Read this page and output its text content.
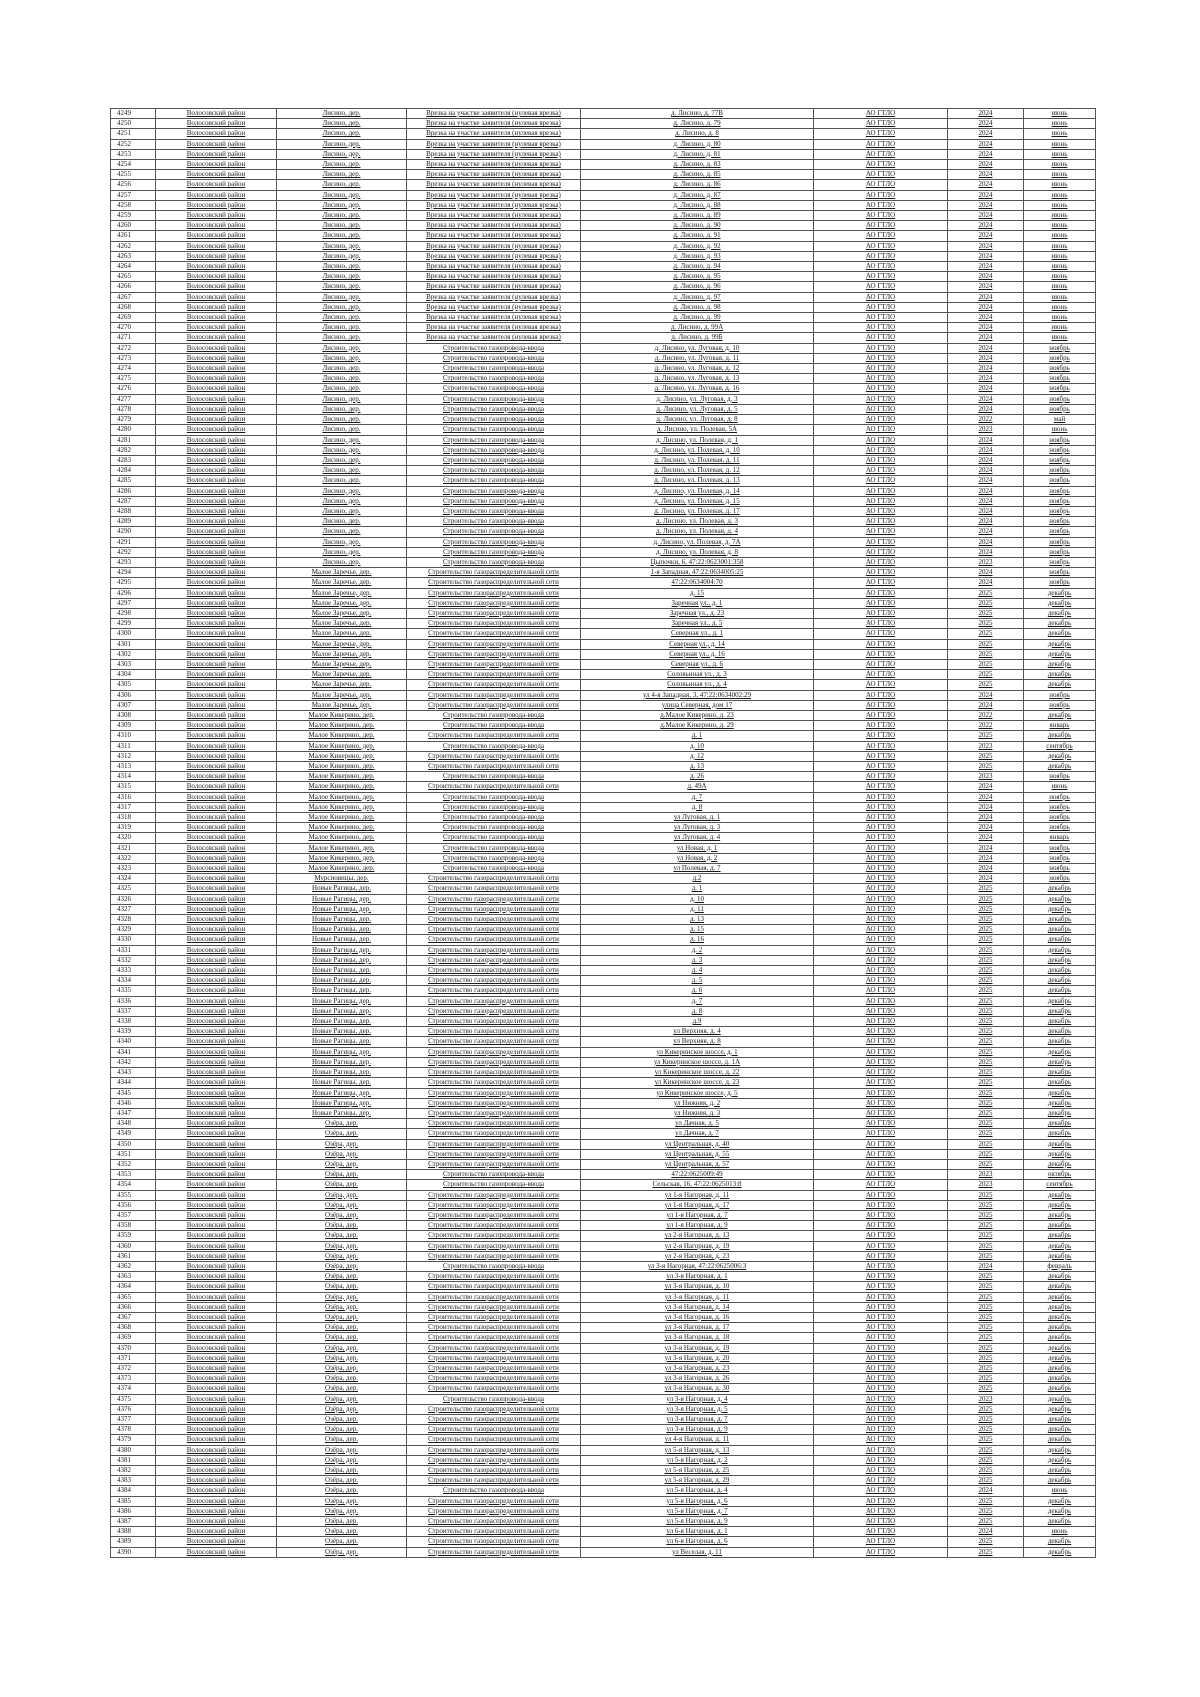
4249	Волосовский район	Лисино, дер.	Врезка на участке заявителя (нулевая врезка)	д. Лисино, д. 77В	АО ГТЛО	2024	июнь
4250	Волосовский район	Лисино, дер.	Врезка на участке заявителя (нулевая врезка)	д. Лисино, д. 79	АО ГТЛО	2024	июнь
4251	Волосовский район	Лисино, дер.	Врезка на участке заявителя (нулевая врезка)	д. Лисино, д. 8	АО ГТЛО	2024	июнь
4252	Волосовский район	Лисино, дер.	Врезка на участке заявителя (нулевая врезка)	д. Лисино, д. 80	АО ГТЛО	2024	июнь
4253	Волосовский район	Лисино, дер.	Врезка на участке заявителя (нулевая врезка)	д. Лисино, д. 81	АО ГТЛО	2024	июнь
4254	Волосовский район	Лисино, дер.	Врезка на участке заявителя (нулевая врезка)	д. Лисино, д. 83	АО ГТЛО	2024	июнь
4255	Волосовский район	Лисино, дер.	Врезка на участке заявителя (нулевая врезка)	д. Лисино, д. 85	АО ГТЛО	2024	июнь
4256	Волосовский район	Лисино, дер.	Врезка на участке заявителя (нулевая врезка)	д. Лисино, д. 86	АО ГТЛО	2024	июнь
4257	Волосовский район	Лисино, дер.	Врезка на участке заявителя (нулевая врезка)	д. Лисино, д. 87	АО ГТЛО	2024	июнь
4258	Волосовский район	Лисино, дер.	Врезка на участке заявителя (нулевая врезка)	д. Лисино, д. 88	АО ГТЛО	2024	июнь
4259	Волосовский район	Лисино, дер.	Врезка на участке заявителя (нулевая врезка)	д. Лисино, д. 89	АО ГТЛО	2024	июнь
4260	Волосовский район	Лисино, дер.	Врезка на участке заявителя (нулевая врезка)	д. Лисино, д. 90	АО ГТЛО	2024	июнь
4261	Волосовский район	Лисино, дер.	Врезка на участке заявителя (нулевая врезка)	д. Лисино, д. 91	АО ГТЛО	2024	июнь
4262	Волосовский район	Лисино, дер.	Врезка на участке заявителя (нулевая врезка)	д. Лисино, д. 92	АО ГТЛО	2024	июнь
4263	Волосовский район	Лисино, дер.	Врезка на участке заявителя (нулевая врезка)	д. Лисино, д. 93	АО ГТЛО	2024	июнь
4264	Волосовский район	Лисино, дер.	Врезка на участке заявителя (нулевая врезка)	д. Лисино, д. 94	АО ГТЛО	2024	июнь
4265	Волосовский район	Лисино, дер.	Врезка на участке заявителя (нулевая врезка)	д. Лисино, д. 95	АО ГТЛО	2024	июнь
4266	Волосовский район	Лисино, дер.	Врезка на участке заявителя (нулевая врезка)	д. Лисино, д. 96	АО ГТЛО	2024	июнь
4267	Волосовский район	Лисино, дер.	Врезка на участке заявителя (нулевая врезка)	д. Лисино, д. 97	АО ГТЛО	2024	июнь
4268	Волосовский район	Лисино, дер.	Врезка на участке заявителя (нулевая врезка)	д. Лисино, д. 98	АО ГТЛО	2024	июнь
4269	Волосовский район	Лисино, дер.	Врезка на участке заявителя (нулевая врезка)	д. Лисино, д. 99	АО ГТЛО	2024	июнь
4270	Волосовский район	Лисино, дер.	Врезка на участке заявителя (нулевая врезка)	д. Лисино, д. 99А	АО ГТЛО	2024	июнь
4271	Волосовский район	Лисино, дер.	Врезка на участке заявителя (нулевая врезка)	д. Лисино, д. 99Б	АО ГТЛО	2024	июнь
4272	Волосовский район	Лисино, дер.	Строительство газопровода-ввода	д. Лисино, ул. Луговая, д. 10	АО ГТЛО	2024	ноябрь
4273	Волосовский район	Лисино, дер.	Строительство газопровода-ввода	д. Лисино, ул. Луговая, д. 11	АО ГТЛО	2024	ноябрь
4274	Волосовский район	Лисино, дер.	Строительство газопровода-ввода	д. Лисино, ул. Луговая, д. 12	АО ГТЛО	2024	ноябрь
4275	Волосовский район	Лисино, дер.	Строительство газопровода-ввода	д. Лисино, ул. Луговая, д. 13	АО ГТЛО	2024	ноябрь
4276	Волосовский район	Лисино, дер.	Строительство газопровода-ввода	д. Лисино, ул. Луговая, д. 16	АО ГТЛО	2024	ноябрь
4277	Волосовский район	Лисино, дер.	Строительство газопровода-ввода	д. Лисино, ул. Луговая, д. 3	АО ГТЛО	2024	ноябрь
4278	Волосовский район	Лисино, дер.	Строительство газопровода-ввода	д. Лисино, ул. Луговая, д. 5	АО ГТЛО	2024	ноябрь
4279	Волосовский район	Лисино, дер.	Строительство газопровода-ввода	д. Лисино, ул. Луговая, д. 8	АО ГТЛО	2022	май
4280	Волосовский район	Лисино, дер.	Строительство газопровода-ввода	д. Лисино, ул. Полевая, 5А	АО ГТЛО	2023	июнь
4281	Волосовский район	Лисино, дер.	Строительство газопровода-ввода	д. Лисино, ул. Полевая, д. 1	АО ГТЛО	2024	ноябрь
4282	Волосовский район	Лисино, дер.	Строительство газопровода-ввода	д. Лисино, ул. Полевая, д. 10	АО ГТЛО	2024	ноябрь
4283	Волосовский район	Лисино, дер.	Строительство газопровода-ввода	д. Лисино, ул. Полевая, д. 11	АО ГТЛО	2024	ноябрь
4284	Волосовский район	Лисино, дер.	Строительство газопровода-ввода	д. Лисино, ул. Полевая, д. 12	АО ГТЛО	2024	ноябрь
4285	Волосовский район	Лисино, дер.	Строительство газопровода-ввода	д. Лисино, ул. Полевая, д. 13	АО ГТЛО	2024	ноябрь
4286	Волосовский район	Лисино, дер.	Строительство газопровода-ввода	д. Лисино, ул. Полевая, д. 14	АО ГТЛО	2024	ноябрь
4287	Волосовский район	Лисино, дер.	Строительство газопровода-ввода	д. Лисино, ул. Полевая, д. 15	АО ГТЛО	2024	ноябрь
4288	Волосовский район	Лисино, дер.	Строительство газопровода-ввода	д. Лисино, ул. Полевая, д. 17	АО ГТЛО	2024	ноябрь
4289	Волосовский район	Лисино, дер.	Строительство газопровода-ввода	д. Лисино, ул. Полевая, д. 3	АО ГТЛО	2024	ноябрь
4290	Волосовский район	Лисино, дер.	Строительство газопровода-ввода	д. Лисино, ул. Полевая, д. 4	АО ГТЛО	2024	ноябрь
4291	Волосовский район	Лисино, дер.	Строительство газопровода-ввода	д. Лисино, ул. Полевая, д. 7А	АО ГТЛО	2024	ноябрь
4292	Волосовский район	Лисино, дер.	Строительство газопровода-ввода	д. Лисино, ул. Полевая, д. 8	АО ГТЛО	2024	ноябрь
4293	Волосовский район	Лисино, дер.	Строительство газопровода-ввода	Цыпочки, 6, 47:22:0623001:358	АО ГТЛО	2023	ноябрь
4294	Волосовский район	Малое Заречье, дер.	Строительство газораспределительной сети	1-я Западная, 47:22:0634005:25	АО ГТЛО	2024	ноябрь
4295	Волосовский район	Малое Заречье, дер.	Строительство газораспределительной сети	47:22:0634004:70	АО ГТЛО	2024	ноябрь
4296	Волосовский район	Малое Заречье, дер.	Строительство газораспределительной сети	д. 15	АО ГТЛО	2025	декабрь
4297	Волосовский район	Малое Заречье, дер.	Строительство газораспределительной сети	Заречная ул., д. 1	АО ГТЛО	2025	декабрь
4298	Волосовский район	Малое Заречье, дер.	Строительство газораспределительной сети	Заречная ул., д. 23	АО ГТЛО	2025	декабрь
4299	Волосовский район	Малое Заречье, дер.	Строительство газораспределительной сети	Заречная ул., д. 5	АО ГТЛО	2025	декабрь
4300	Волосовский район	Малое Заречье, дер.	Строительство газораспределительной сети	Северная ул., д. 1	АО ГТЛО	2025	декабрь
4301	Волосовский район	Малое Заречье, дер.	Строительство газораспределительной сети	Северная ул., д. 14	АО ГТЛО	2025	декабрь
4302	Волосовский район	Малое Заречье, дер.	Строительство газораспределительной сети	Северная ул., д. 16	АО ГТЛО	2025	декабрь
4303	Волосовский район	Малое Заречье, дер.	Строительство газораспределительной сети	Северная ул., д. 6	АО ГТЛО	2025	декабрь
4304	Волосовский район	Малое Заречье, дер.	Строительство газораспределительной сети	Соловьиная ул., д. 3	АО ГТЛО	2025	декабрь
4305	Волосовский район	Малое Заречье, дер.	Строительство газораспределительной сети	Соловьиная ул., д. 4	АО ГТЛО	2025	декабрь
4306	Волосовский район	Малое Заречье, дер.	Строительство газораспределительной сети	ул 4-я Западная, 3, 47:22:0634002:29	АО ГТЛО	2024	ноябрь
4307	Волосовский район	Малое Заречье, дер.	Строительство газораспределительной сети	улица Северная, дом 17	АО ГТЛО	2024	ноябрь
4308	Волосовский район	Малое Кикерино, дер.	Строительство газопровода-ввода	д.Малое Кикерино, д. 23	АО ГТЛО	2022	декабрь
4309	Волосовский район	Малое Кикерино, дер.	Строительство газопровода-ввода	д.Малое Кикерино, д. 29	АО ГТЛО	2022	январь
4310	Волосовский район	Малое Кикерино, дер.	Строительство газораспределительной сети	д. 1	АО ГТЛО	2025	декабрь
4311	Волосовский район	Малое Кикерино, дер.	Строительство газопровода-ввода	д. 10	АО ГТЛО	2023	сентябрь
4312	Волосовский район	Малое Кикерино, дер.	Строительство газораспределительной сети	д. 12	АО ГТЛО	2025	декабрь
4313	Волосовский район	Малое Кикерино, дер.	Строительство газораспределительной сети	д. 13	АО ГТЛО	2025	декабрь
4314	Волосовский район	Малое Кикерино, дер.	Строительство газопровода-ввода	д. 26	АО ГТЛО	2023	ноябрь
4315	Волосовский район	Малое Кикерино, дер.	Строительство газораспределительной сети	д. 49А	АО ГТЛО	2024	июнь
4316	Волосовский район	Малое Кикерино, дер.	Строительство газопровода-ввода	д. 7	АО ГТЛО	2024	ноябрь
4317	Волосовский район	Малое Кикерино, дер.	Строительство газопровода-ввода	д. 8	АО ГТЛО	2024	ноябрь
4318	Волосовский район	Малое Кикерино, дер.	Строительство газопровода-ввода	ул Луговая, д. 1	АО ГТЛО	2024	ноябрь
4319	Волосовский район	Малое Кикерино, дер.	Строительство газопровода-ввода	ул Луговая, д. 3	АО ГТЛО	2024	ноябрь
4320	Волосовский район	Малое Кикерино, дер.	Строительство газопровода-ввода	ул Луговая, д. 4	АО ГТЛО	2024	январь
4321	Волосовский район	Малое Кикерино, дер.	Строительство газопровода-ввода	ул Новая, д. 1	АО ГТЛО	2024	ноябрь
4322	Волосовский район	Малое Кикерино, дер.	Строительство газопровода-ввода	ул Новая, д. 2	АО ГТЛО	2024	ноябрь
4323	Волосовский район	Малое Кикерино, дер.	Строительство газопровода-ввода	ул Полевая, д. 7	АО ГТЛО	2024	ноябрь
4324	Волосовский район	Мурсиовицы, дер.	Строительство газораспределительной сети	д.2	АО ГТЛО	2024	ноябрь
4325	Волосовский район	Новые Рагицы, дер.	Строительство газораспределительной сети	д. 1	АО ГТЛО	2025	декабрь
4326	Волосовский район	Новые Рагицы, дер.	Строительство газораспределительной сети	д. 10	АО ГТЛО	2025	декабрь
4327	Волосовский район	Новые Рагицы, дер.	Строительство газораспределительной сети	д. 11	АО ГТЛО	2025	декабрь
4328	Волосовский район	Новые Рагицы, дер.	Строительство газораспределительной сети	д. 13	АО ГТЛО	2025	декабрь
4329	Волосовский район	Новые Рагицы, дер.	Строительство газораспределительной сети	д. 15	АО ГТЛО	2025	декабрь
4330	Волосовский район	Новые Рагицы, дер.	Строительство газораспределительной сети	д. 16	АО ГТЛО	2025	декабрь
4331	Волосовский район	Новые Рагицы, дер.	Строительство газораспределительной сети	д. 2	АО ГТЛО	2025	декабрь
4332	Волосовский район	Новые Рагицы, дер.	Строительство газораспределительной сети	д. 3	АО ГТЛО	2025	декабрь
4333	Волосовский район	Новые Рагицы, дер.	Строительство газораспределительной сети	д. 4	АО ГТЛО	2025	декабрь
4334	Волосовский район	Новые Рагицы, дер.	Строительство газораспределительной сети	д. 5	АО ГТЛО	2025	декабрь
4335	Волосовский район	Новые Рагицы, дер.	Строительство газораспределительной сети	д. 6	АО ГТЛО	2025	декабрь
4336	Волосовский район	Новые Рагицы, дер.	Строительство газораспределительной сети	д. 7	АО ГТЛО	2025	декабрь
4337	Волосовский район	Новые Рагицы, дер.	Строительство газораспределительной сети	д. 8	АО ГТЛО	2025	декабрь
4338	Волосовский район	Новые Рагицы, дер.	Строительство газораспределительной сети	д.9	АО ГТЛО	2025	декабрь
4339	Волосовский район	Новые Рагицы, дер.	Строительство газораспределительной сети	ул Верхняя, д. 4	АО ГТЛО	2025	декабрь
4340	Волосовский район	Новые Рагицы, дер.	Строительство газораспределительной сети	ул Верхняя, д. 8	АО ГТЛО	2025	декабрь
4341	Волосовский район	Новые Рагицы, дер.	Строительство газораспределительной сети	ул Кикеринское шоссе, д. 1	АО ГТЛО	2025	декабрь
4342	Волосовский район	Новые Рагицы, дер.	Строительство газораспределительной сети	ул Кикеринское шоссе, д. 1А	АО ГТЛО	2025	декабрь
4343	Волосовский район	Новые Рагицы, дер.	Строительство газораспределительной сети	ул Кикеринское шоссе, д. 22	АО ГТЛО	2025	декабрь
4344	Волосовский район	Новые Рагицы, дер.	Строительство газораспределительной сети	ул Кикеринское шоссе, д. 23	АО ГТЛО	2025	декабрь
4345	Волосовский район	Новые Рагицы, дер.	Строительство газораспределительной сети	ул Кикеринское шоссе, д. 5	АО ГТЛО	2025	декабрь
4346	Волосовский район	Новые Рагицы, дер.	Строительство газораспределительной сети	ул Нижняя, д. 2	АО ГТЛО	2025	декабрь
4347	Волосовский район	Новые Рагицы, дер.	Строительство газораспределительной сети	ул Нижняя, д. 3	АО ГТЛО	2025	декабрь
4348	Волосовский район	Озёра, дер.	Строительство газораспределительной сети	ул Дачная, д. 5	АО ГТЛО	2025	декабрь
4349	Волосовский район	Озёра, дер.	Строительство газораспределительной сети	ул Дачная, д. 7	АО ГТЛО	2025	декабрь
4350	Волосовский район	Озёра, дер.	Строительство газораспределительной сети	ул Центральная, д. 40	АО ГТЛО	2025	декабрь
4351	Волосовский район	Озёра, дер.	Строительство газораспределительной сети	ул Центральная, д. 55	АО ГТЛО	2025	декабрь
4352	Волосовский район	Озёра, дер.	Строительство газораспределительной сети	ул Центральная, д. 57	АО ГТЛО	2025	декабрь
4353	Волосовский район	Озёра, дер.	Строительство газопровода-ввода	47:22:0625009:49	АО ГТЛО	2023	октябрь
4354	Волосовский район	Озёра, дер.	Строительство газопровода-ввода	Сельская, 16, 47:22:0625013:8	АО ГТЛО	2023	сентябрь
4355	Волосовский район	Озёра, дер.	Строительство газораспределительной сети	ул 1-я Нагорная, д. 11	АО ГТЛО	2025	декабрь
4356	Волосовский район	Озёра, дер.	Строительство газораспределительной сети	ул 1-я Нагорная, д. 17	АО ГТЛО	2025	декабрь
4357	Волосовский район	Озёра, дер.	Строительство газораспределительной сети	ул 1-я Нагорная, д. 7	АО ГТЛО	2025	декабрь
4358	Волосовский район	Озёра, дер.	Строительство газораспределительной сети	ул 1-я Нагорная, д. 9	АО ГТЛО	2025	декабрь
4359	Волосовский район	Озёра, дер.	Строительство газораспределительной сети	ул 2-я Нагорная, д. 13	АО ГТЛО	2025	декабрь
4360	Волосовский район	Озёра, дер.	Строительство газораспределительной сети	ул 2-я Нагорная, д. 19	АО ГТЛО	2025	декабрь
4361	Волосовский район	Озёра, дер.	Строительство газораспределительной сети	ул 2-я Нагорная, д. 23	АО ГТЛО	2025	декабрь
4362	Волосовский район	Озёра, дер.	Строительство газопровода-ввода	ул 3-я Нагорная, 47:22:0625006:3	АО ГТЛО	2024	февраль
4363	Волосовский район	Озёра, дер.	Строительство газораспределительной сети	ул 3-я Нагорная, д. 1	АО ГТЛО	2025	декабрь
4364	Волосовский район	Озёра, дер.	Строительство газораспределительной сети	ул 3-я Нагорная, д. 10	АО ГТЛО	2025	декабрь
4365	Волосовский район	Озёра, дер.	Строительство газораспределительной сети	ул 3-я Нагорная, д. 11	АО ГТЛО	2025	декабрь
4366	Волосовский район	Озёра, дер.	Строительство газораспределительной сети	ул 3-я Нагорная, д. 14	АО ГТЛО	2025	декабрь
4367	Волосовский район	Озёра, дер.	Строительство газораспределительной сети	ул 3-я Нагорная, д. 16	АО ГТЛО	2025	декабрь
4368	Волосовский район	Озёра, дер.	Строительство газораспределительной сети	ул 3-я Нагорная, д. 17	АО ГТЛО	2025	декабрь
4369	Волосовский район	Озёра, дер.	Строительство газораспределительной сети	ул 3-я Нагорная, д. 18	АО ГТЛО	2025	декабрь
4370	Волосовский район	Озёра, дер.	Строительство газораспределительной сети	ул 3-я Нагорная, д. 19	АО ГТЛО	2025	декабрь
4371	Волосовский район	Озёра, дер.	Строительство газораспределительной сети	ул 3-я Нагорная, д. 20	АО ГТЛО	2025	декабрь
4372	Волосовский район	Озёра, дер.	Строительство газораспределительной сети	ул 3-я Нагорная, д. 23	АО ГТЛО	2025	декабрь
4373	Волосовский район	Озёра, дер.	Строительство газораспределительной сети	ул 3-я Нагорная, д. 26	АО ГТЛО	2025	декабрь
4374	Волосовский район	Озёра, дер.	Строительство газораспределительной сети	ул 3-я Нагорная, д. 30	АО ГТЛО	2025	декабрь
4375	Волосовский район	Озёра, дер.	Строительство газопровода-ввода	ул 3-я Нагорная, д. 4	АО ГТЛО	2023	декабрь
4376	Волосовский район	Озёра, дер.	Строительство газораспределительной сети	ул 3-я Нагорная, д. 5	АО ГТЛО	2025	декабрь
4377	Волосовский район	Озёра, дер.	Строительство газораспределительной сети	ул 3-я Нагорная, д. 7	АО ГТЛО	2025	декабрь
4378	Волосовский район	Озёра, дер.	Строительство газораспределительной сети	ул 3-я Нагорная, д. 9	АО ГТЛО	2025	декабрь
4379	Волосовский район	Озёра, дер.	Строительство газораспределительной сети	ул 4-я Нагорная, д. 11	АО ГТЛО	2025	декабрь
4380	Волосовский район	Озёра, дер.	Строительство газораспределительной сети	ул 5-я Нагорная, д. 13	АО ГТЛО	2025	декабрь
4381	Волосовский район	Озёра, дер.	Строительство газораспределительной сети	ул 5-я Нагорная, д. 2	АО ГТЛО	2025	декабрь
4382	Волосовский район	Озёра, дер.	Строительство газораспределительной сети	ул 5-я Нагорная, д. 25	АО ГТЛО	2025	декабрь
4383	Волосовский район	Озёра, дер.	Строительство газораспределительной сети	ул 5-я Нагорная, д. 29	АО ГТЛО	2025	декабрь
4384	Волосовский район	Озёра, дер.	Строительство газопровода-ввода	ул 5-я Нагорная, д. 4	АО ГТЛО	2024	июнь
4385	Волосовский район	Озёра, дер.	Строительство газораспределительной сети	ул 5-я Нагорная, д. 6	АО ГТЛО	2025	декабрь
4386	Волосовский район	Озёра, дер.	Строительство газораспределительной сети	ул 5-я Нагорная, д. 7	АО ГТЛО	2025	декабрь
4387	Волосовский район	Озёра, дер.	Строительство газораспределительной сети	ул 5-я Нагорная, д. 9	АО ГТЛО	2025	декабрь
4388	Волосовский район	Озёра, дер.	Строительство газораспределительной сети	ул 6-я Нагорная, д. 1	АО ГТЛО	2024	июнь
4389	Волосовский район	Озёра, дер.	Строительство газораспределительной сети	ул 6-я Нагорная, д. 6	АО ГТЛО	2025	декабрь
4390	Волосовский район	Озёра, дер.	Строительство газораспределительной сети	ул Веселая, д. 11	АО ГТЛО	2025	декабрь
